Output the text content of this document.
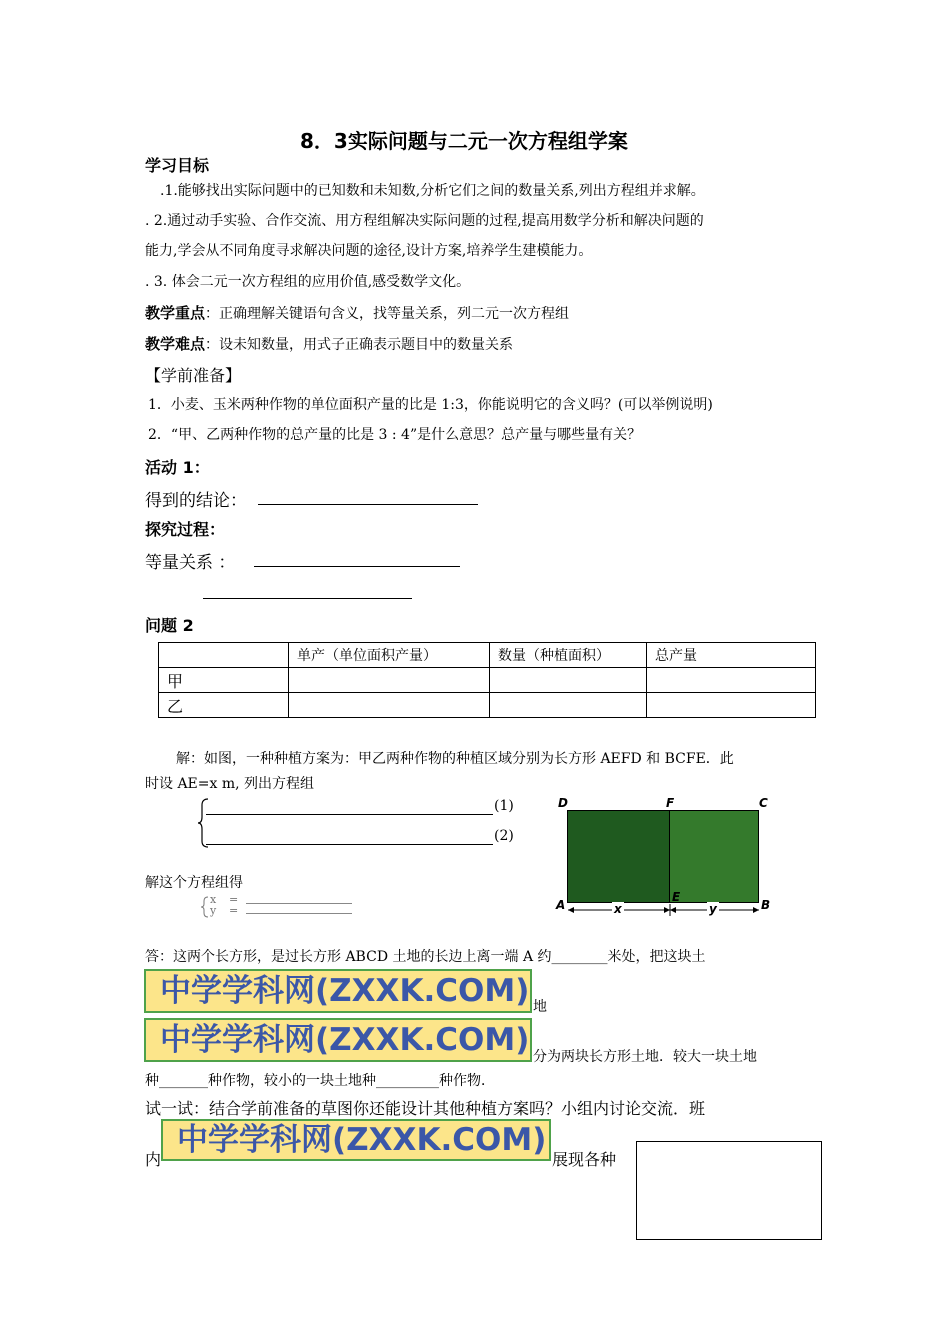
8．3实际问题与二元一次方程组学案
学习目标
.1.能够找出实际问题中的已知数和未知数,分析它们之间的数量关系,列出方程组并求解。
. 2.通过动手实验、合作交流、用方程组解决实际问题的过程,提高用数学分析和解决问题的
能力,学会从不同角度寻求解决问题的途径,设计方案,培养学生建模能力。
. 3. 体会二元一次方程组的应用价值,感受数学文化。
教学重点：正确理解关键语句含义，找等量关系，列二元一次方程组
教学难点：设未知数量，用式子正确表示题目中的数量关系
【学前准备】
1．小麦、玉米两种作物的单位面积产量的比是 1:3，你能说明它的含义吗？(可以举例说明)
2．“甲、乙两种作物的总产量的比是 3 : 4”是什么意思？总产量与哪些量有关？
活动 1：
得到的结论：
探究过程：
等量关系 ：
问题 2
	单产（单位面积产量）	数量（种植面积）	总产量
甲			
乙			
解：如图，一种种植方案为：甲乙两种作物的种植区域分别为长方形 AEFD 和 BCFE．此
时设 AE=x m, 列出方程组
(1)
(2)
解这个方程组得
x
y
=
=
D	F	C
A
E
B
x	y
答：这两个长方形，是过长方形 ABCD 土地的长边上离一端 A 约________米处，把这块土
中学学科网(ZXXK.COM) 地
中学学科网(ZXXK.COM) 分为两块长方形土地．较大一块土地
种_______种作物，较小的一块土地种_________种作物．
试一试：结合学前准备的草图你还能设计其他种植方案吗？小组内讨论交流．班
内
中学学科网(ZXXK.COM)
展现各种
